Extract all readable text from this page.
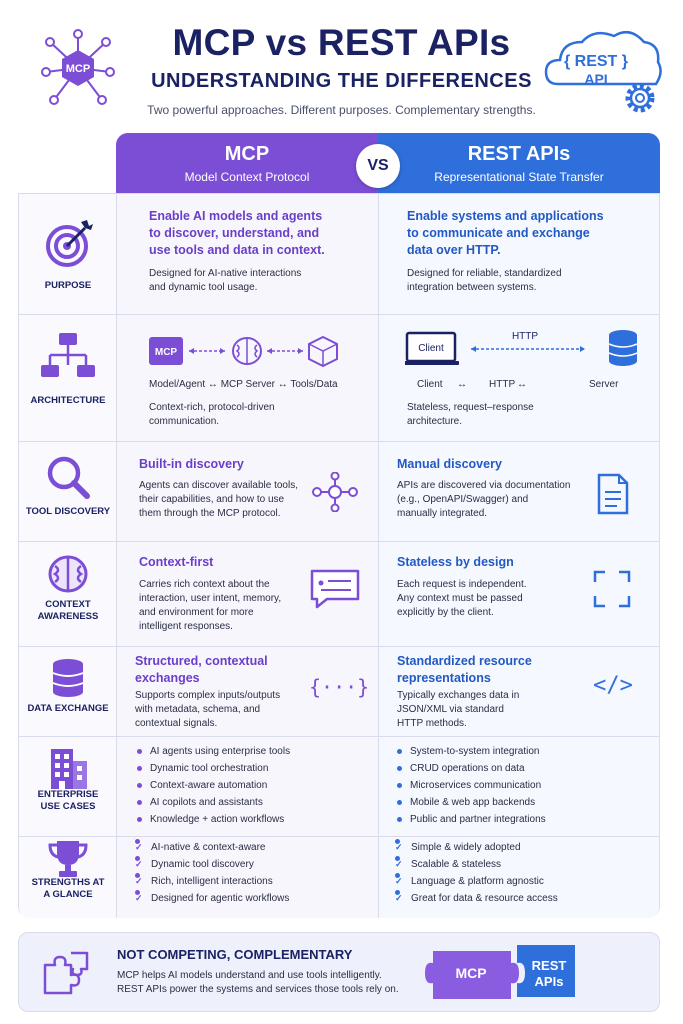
MCP
MCP vs REST APIs
UNDERSTANDING THE DIFFERENCES
Two powerful approaches. Different purposes. Complementary strengths.
{ REST }
API
MCP
Model Context Protocol
REST APIs
Representational State Transfer
VS
PURPOSE
Enable AI models and agents
to discover, understand, and
use tools and data in context.
Designed for AI-native interactions
and dynamic tool usage.
Enable systems and applications
to communicate and exchange
data over HTTP.
Designed for reliable, standardized
integration between systems.
ARCHITECTURE
MCP
Model/Agent ↔ MCP Server ↔ Tools/Data
Context-rich, protocol-driven
communication.
Client
HTTP
Client ↔ HTTP ↔	Server
Stateless, request–response
architecture.
TOOL DISCOVERY
Built-in discovery
Agents can discover available tools,
their capabilities, and how to use
them through the MCP protocol.
Manual discovery
APIs are discovered via documentation
(e.g., OpenAPI/Swagger) and
manually integrated.
CONTEXT
AWARENESS
Context-first
Carries rich context about the
interaction, user intent, memory,
and environment for more
intelligent responses.
Stateless by design
Each request is independent.
Any context must be passed
explicitly by the client.
DATA EXCHANGE
Structured, contextual
exchanges
Supports complex inputs/outputs
with metadata, schema, and
contextual signals.
{···}
Standardized resource
representations
Typically exchanges data in
JSON/XML via standard
HTTP methods.
</>
ENTERPRISE
USE CASES
AI agents using enterprise tools
Dynamic tool orchestration
Context-aware automation
AI copilots and assistants
Knowledge + action workflows
System-to-system integration
CRUD operations on data
Microservices communication
Mobile & web app backends
Public and partner integrations
STRENGTHS AT
A GLANCE
✓ AI-native & context-aware
✓ Dynamic tool discovery
✓ Rich, intelligent interactions
✓ Designed for agentic workflows
✓ Simple & widely adopted
✓ Scalable & stateless
✓ Language & platform agnostic
✓ Great for data & resource access
NOT COMPETING, COMPLEMENTARY
MCP helps AI models understand and use tools intelligently.
REST APIs power the systems and services those tools rely on.
MCP	REST
APIs
